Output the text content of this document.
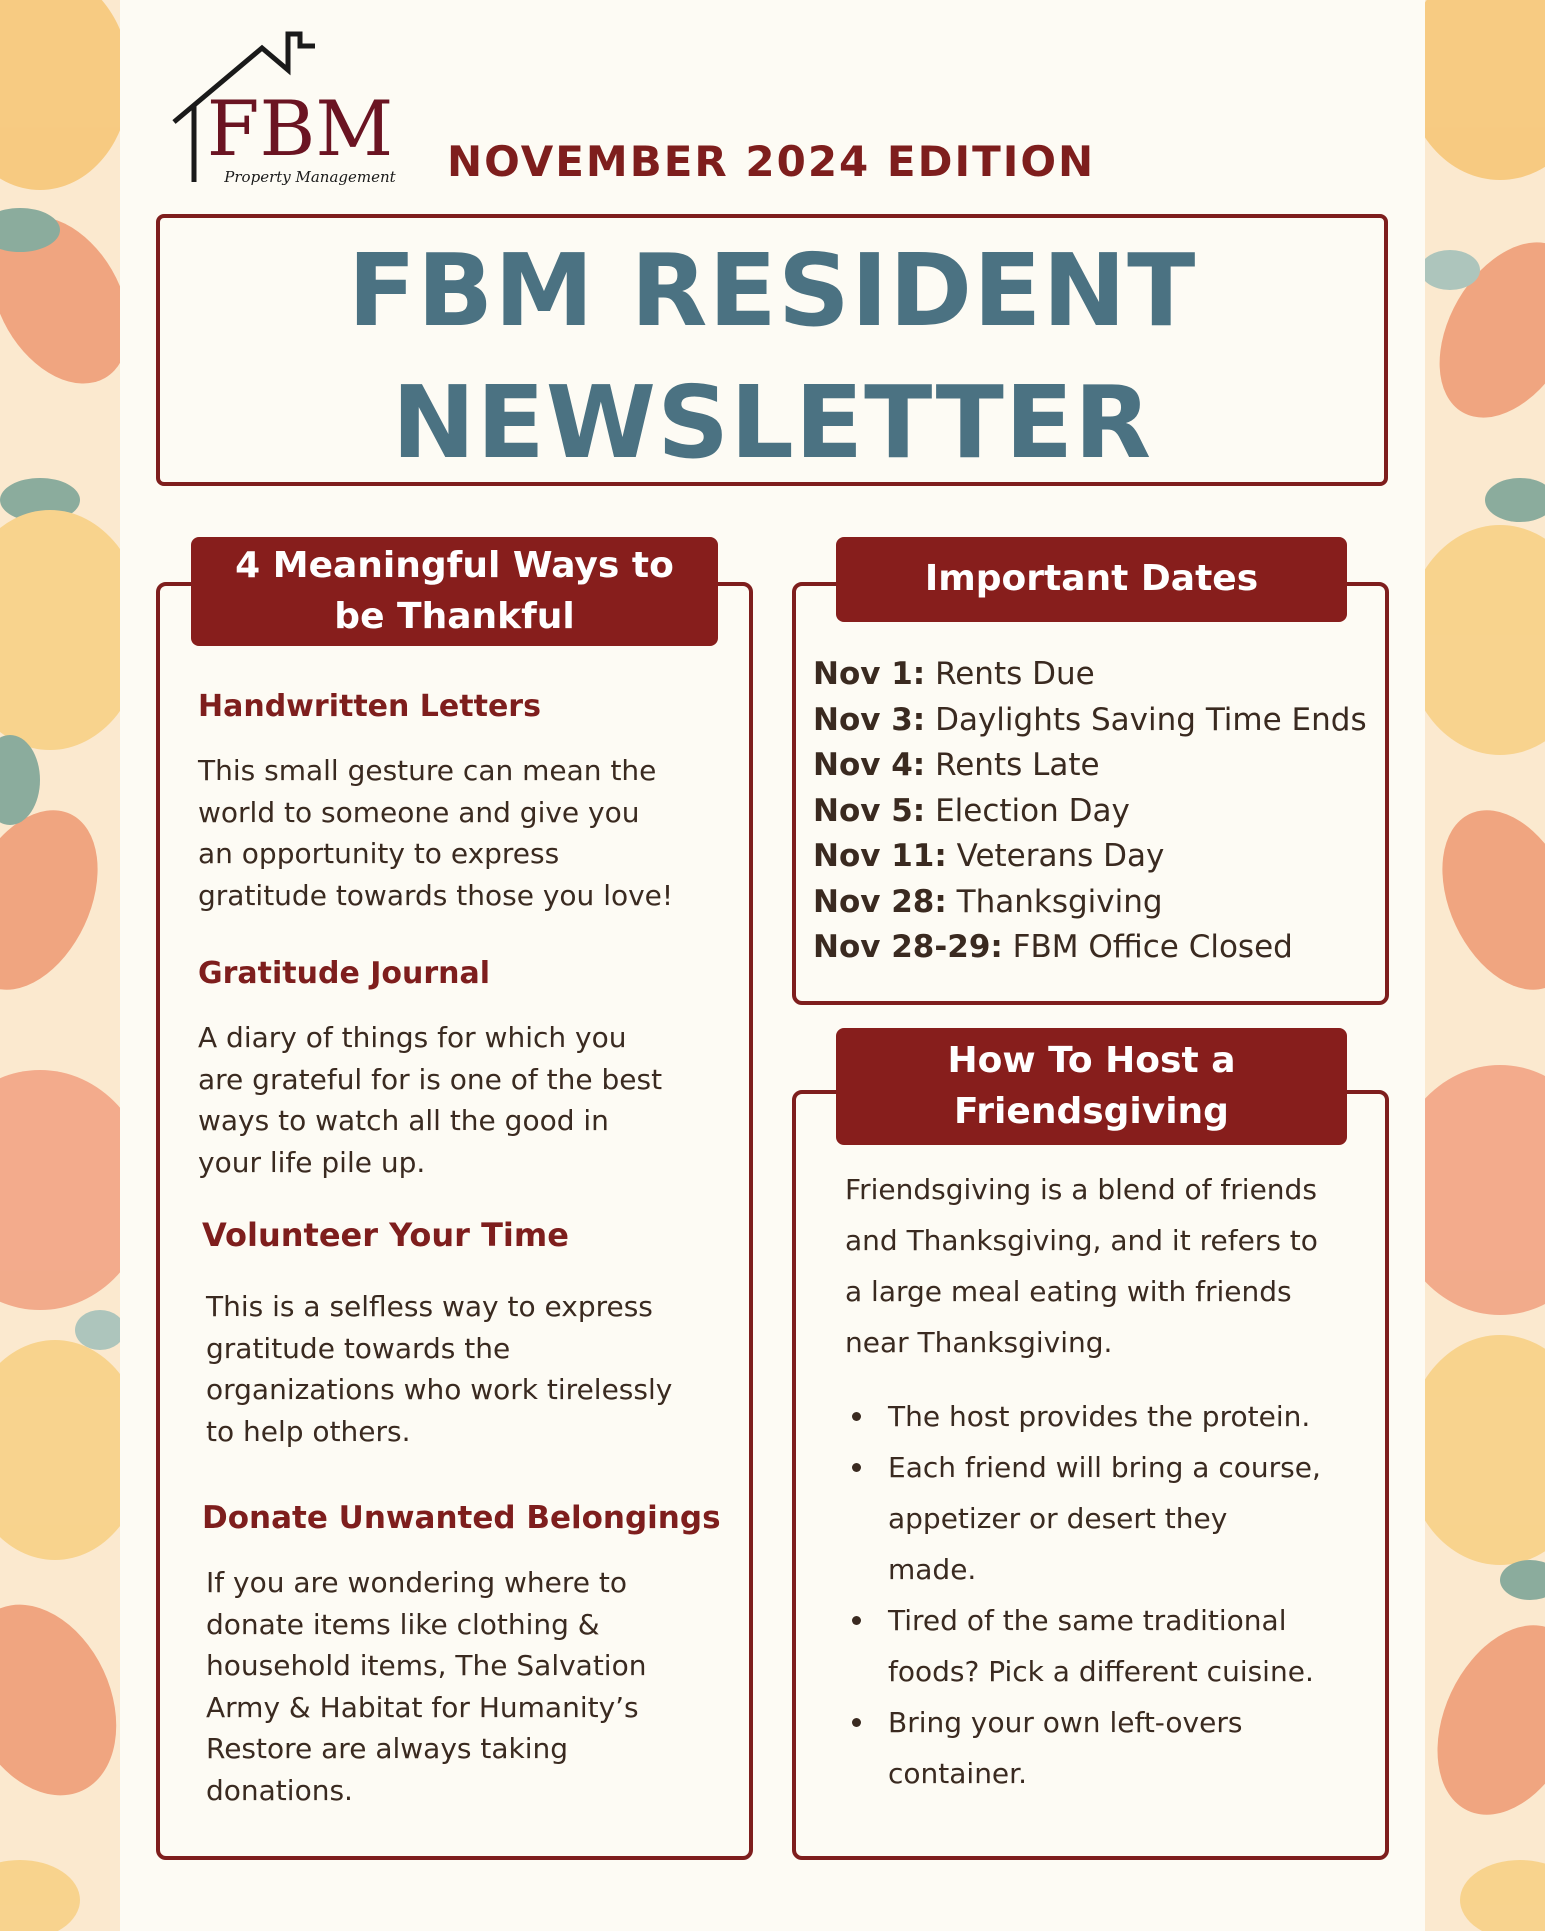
FBM
Property Management NOVEMBER 2024 EDITION
FBM RESIDENT
NEWSLETTER
4 Meaningful Ways to
be Thankful
Handwritten Letters
This small gesture can mean the
world to someone and give you
an opportunity to express
gratitude towards those you love!
Gratitude Journal
A diary of things for which you
are grateful for is one of the best
ways to watch all the good in
your life pile up.
Volunteer Your Time
This is a selfless way to express
gratitude towards the
organizations who work tirelessly
to help others.
Donate Unwanted Belongings
If you are wondering where to
donate items like clothing &
household items, The Salvation
Army & Habitat for Humanity’s
Restore are always taking
donations.
Important Dates
Nov 1: Rents Due
Nov 3: Daylights Saving Time Ends
Nov 4: Rents Late
Nov 5: Election Day
Nov 11: Veterans Day
Nov 28: Thanksgiving
Nov 28-29: FBM Office Closed
How To Host a
Friendsgiving
Friendsgiving is a blend of friends
and Thanksgiving, and it refers to
a large meal eating with friends
near Thanksgiving.
The host provides the protein.
Each friend will bring a course,
appetizer or desert they
made.
Tired of the same traditional
foods? Pick a different cuisine.
Bring your own left-overs
container.
